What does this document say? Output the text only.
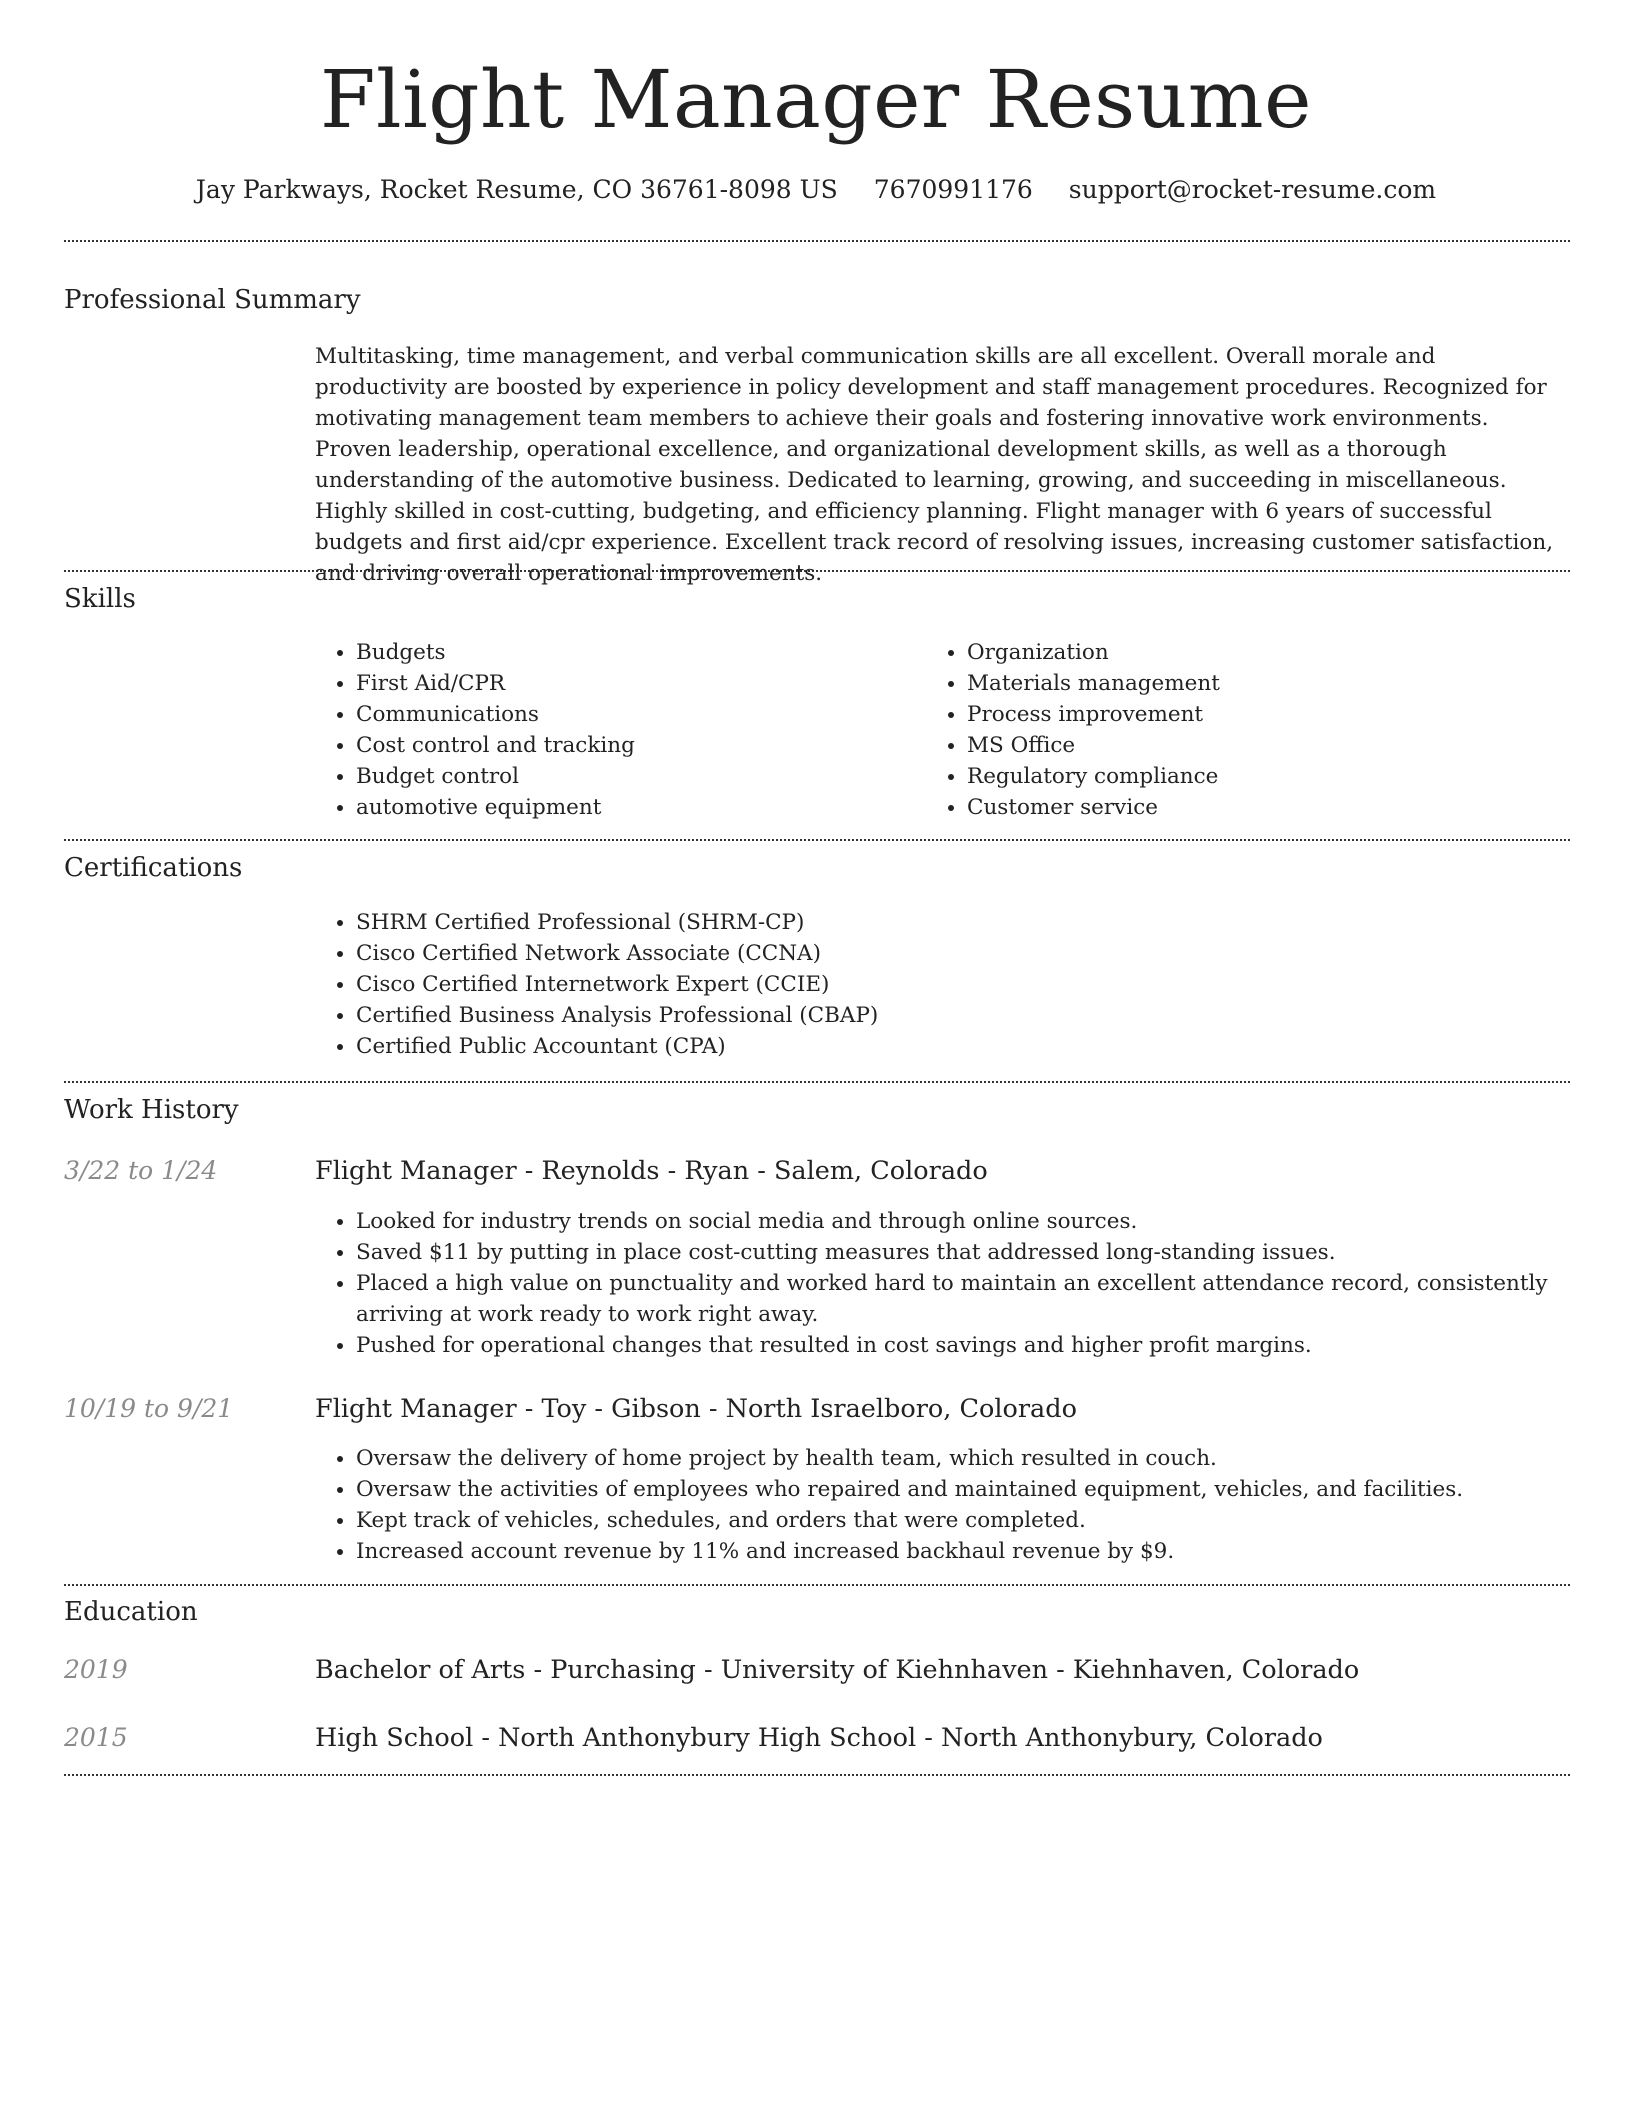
Flight Manager Resume
Jay Parkways, Rocket Resume, CO 36761-8098 US 7670991176 support@rocket-resume.com
Professional Summary

Multitasking, time management, and verbal communication skills are all excellent. Overall morale and productivity are boosted by experience in policy development and staff management procedures. Recognized for motivating management team members to achieve their goals and fostering innovative work environments. Proven leadership, operational excellence, and organizational development skills, as well as a thorough understanding of the automotive business. Dedicated to learning, growing, and succeeding in miscellaneous. Highly skilled in cost-cutting, budgeting, and efficiency planning. Flight manager with 6 years of successful budgets and first aid/cpr experience. Excellent track record of resolving issues, increasing customer satisfaction, and driving overall operational improvements.

Skills
• Budgets
• First Aid/CPR
• Communications
• Cost control and tracking
• Budget control
• automotive equipment
• Organization
• Materials management
• Process improvement
• MS Office
• Regulatory compliance
• Customer service
Certifications
• SHRM Certified Professional (SHRM-CP)
• Cisco Certified Network Associate (CCNA)
• Cisco Certified Internetwork Expert (CCIE)
• Certified Business Analysis Professional (CBAP)
• Certified Public Accountant (CPA)
Work History
3/22 to 1/24	Flight Manager - Reynolds - Ryan - Salem, Colorado
• Looked for industry trends on social media and through online sources.
• Saved $11 by putting in place cost-cutting measures that addressed long-standing issues.
• Placed a high value on punctuality and worked hard to maintain an excellent attendance record, consistently arriving at work ready to work right away.
• Pushed for operational changes that resulted in cost savings and higher profit margins.
10/19 to 9/21	Flight Manager - Toy - Gibson - North Israelboro, Colorado
• Oversaw the delivery of home project by health team, which resulted in couch.
• Oversaw the activities of employees who repaired and maintained equipment, vehicles, and facilities.
• Kept track of vehicles, schedules, and orders that were completed.
• Increased account revenue by 11% and increased backhaul revenue by $9.
Education
2019	Bachelor of Arts - Purchasing - University of Kiehnhaven - Kiehnhaven, Colorado
2015	High School - North Anthonybury High School - North Anthonybury, Colorado
